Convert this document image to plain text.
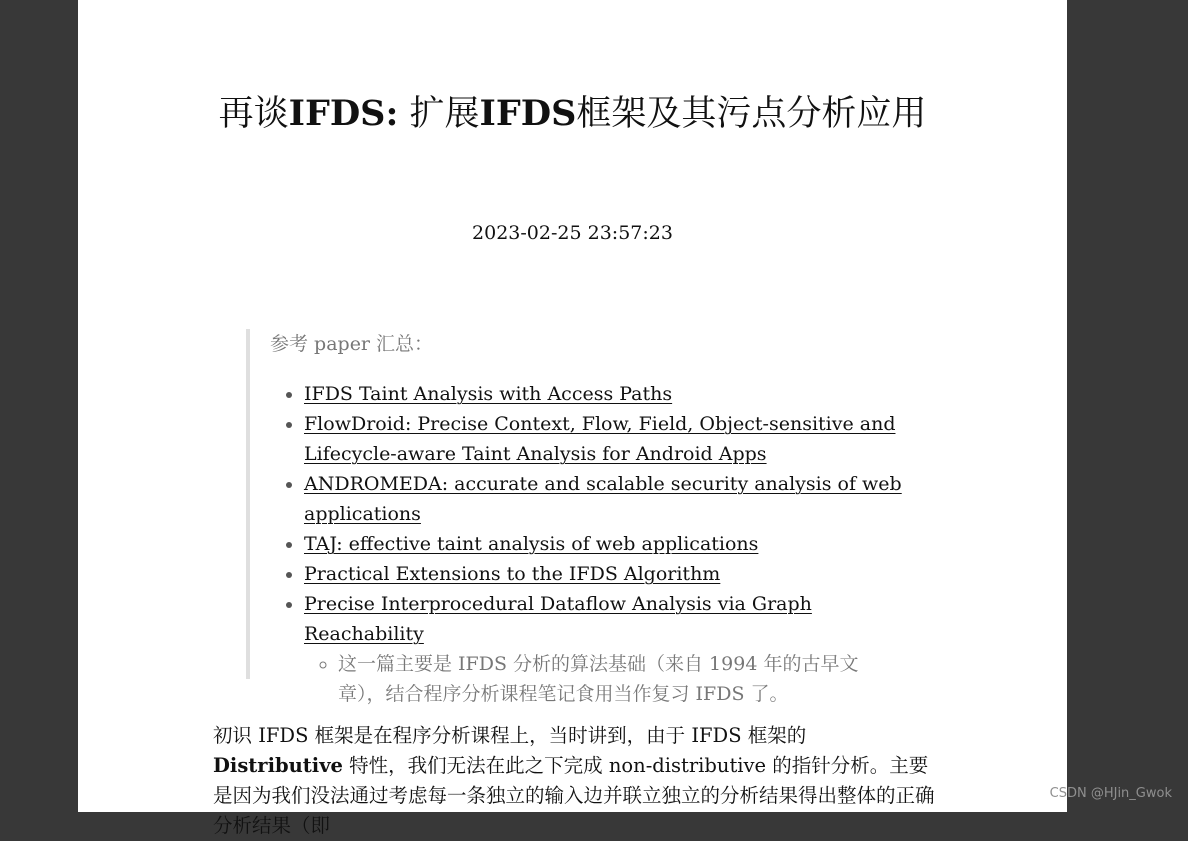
再谈IFDS: 扩展IFDS框架及其污点分析应用
2023-02-25 23:57:23
参考 paper 汇总：
• IFDS Taint Analysis with Access Paths
• FlowDroid: Precise Context, Flow, Field, Object-sensitive and Lifecycle-aware Taint Analysis for Android Apps
• ANDROMEDA: accurate and scalable security analysis of web applications
• TAJ: effective taint analysis of web applications
• Practical Extensions to the IFDS Algorithm
• Precise Interprocedural Dataflow Analysis via Graph Reachability
◦ 这一篇主要是 IFDS 分析的算法基础（来自 1994 年的古早文章），结合程序分析课程笔记食用当作复习 IFDS 了。

初识 IFDS 框架是在程序分析课程上，当时讲到，由于 IFDS 框架的 Distributive 特性，我们无法在此之下完成 non-distributive 的指针分析。主要是因为我们没法通过考虑每一条独立的输入边并联立独立的分析结果得出整体的正确分析结果（即

CSDN @HJin_Gwok
